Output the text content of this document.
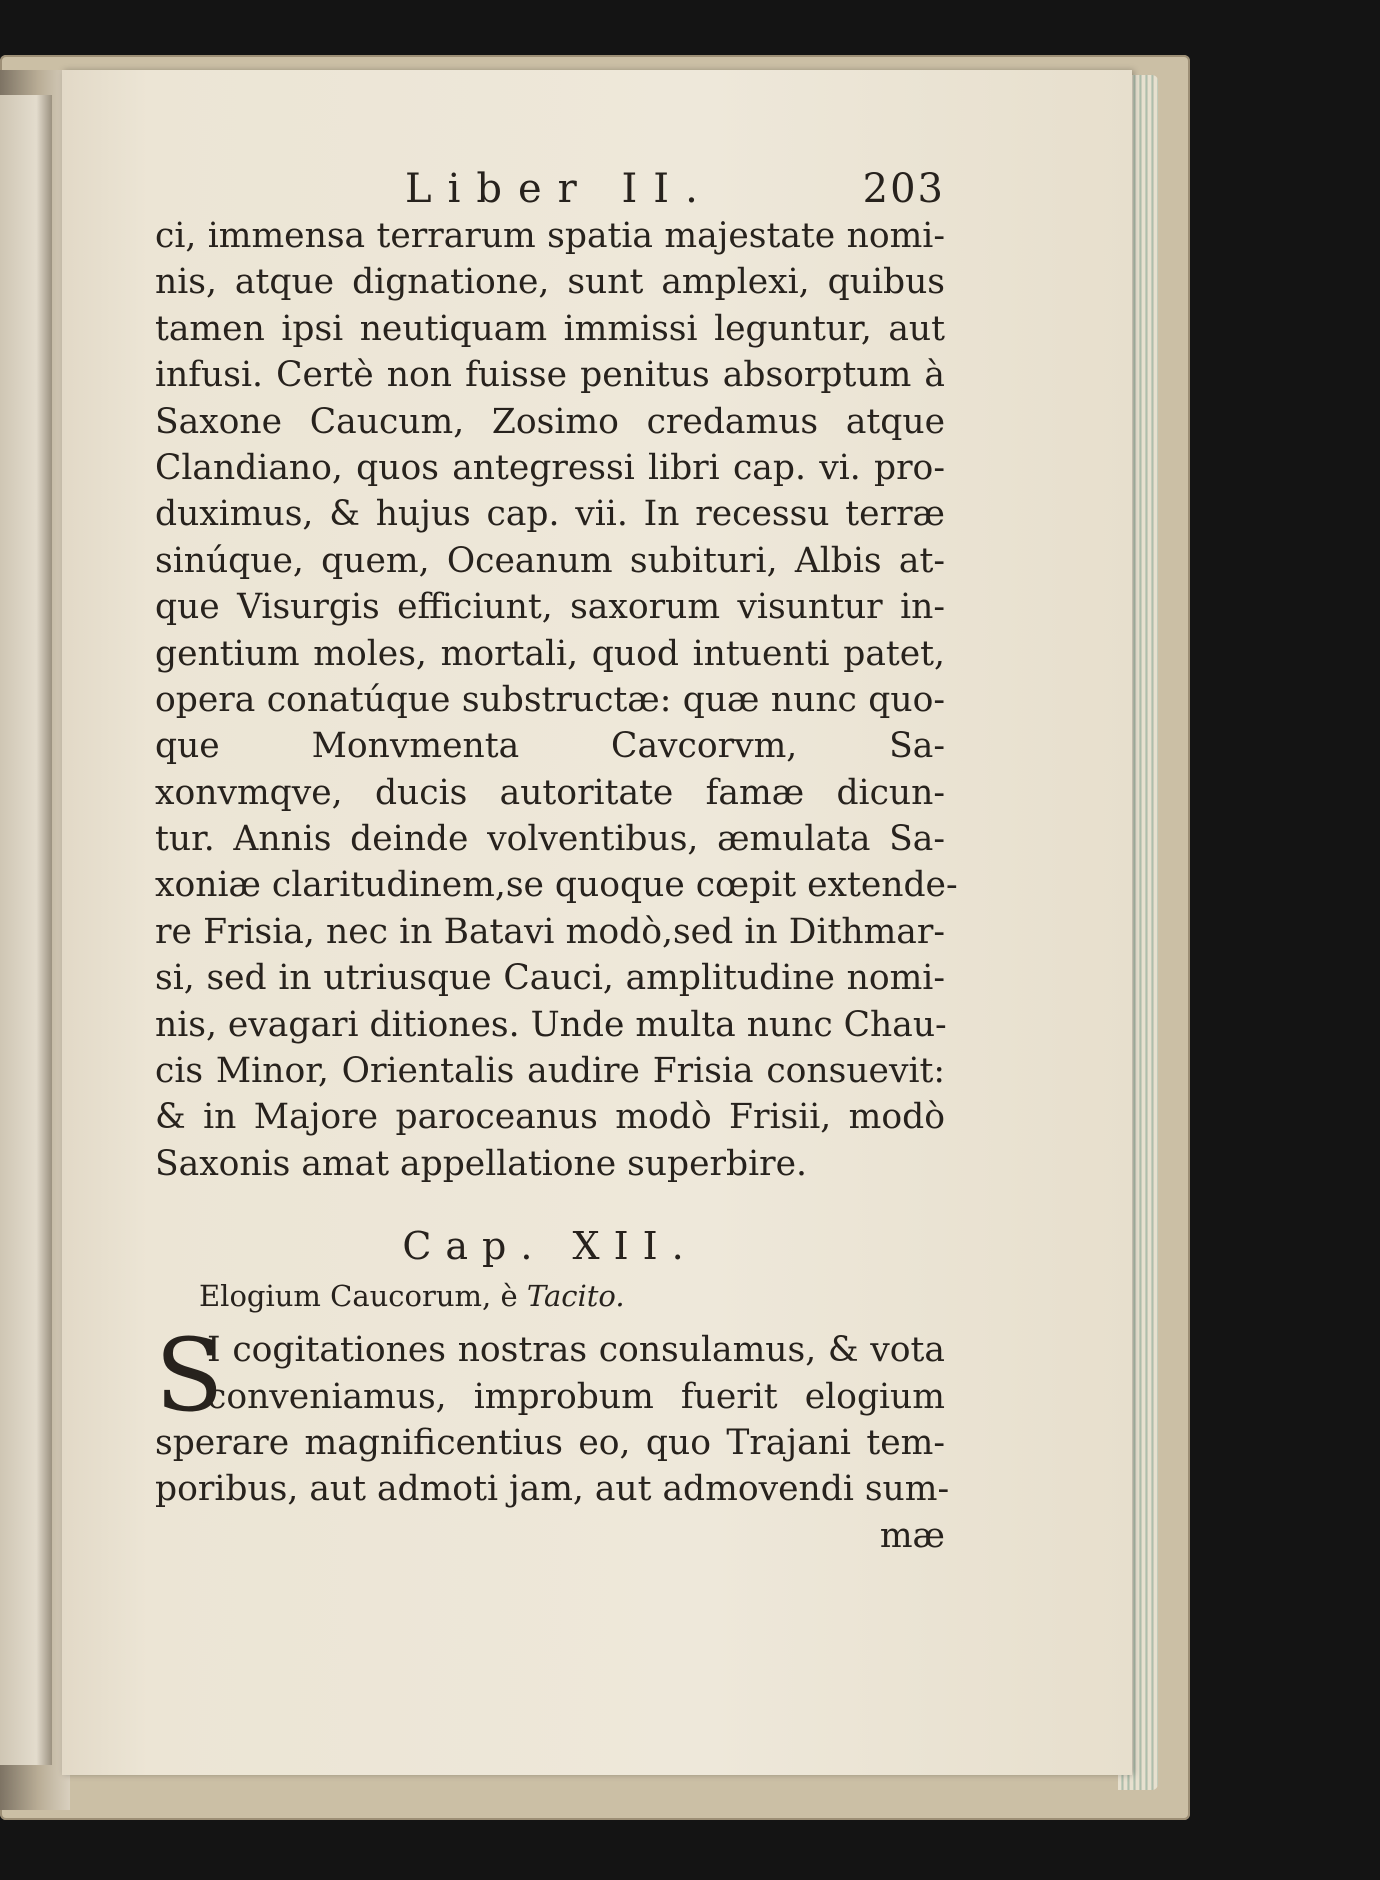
Liber II.	203
ci, immensa terrarum spatia majestate nomi-
nis, atque dignatione, sunt amplexi, quibus
tamen ipsi neutiquam immissi leguntur, aut
infusi. Certè non fuisse penitus absorptum à
Saxone Caucum, Zosimo credamus atque
Clandiano, quos antegressi libri cap. vi. pro-
duximus, & hujus cap. vii. In recessu terræ
sinúque, quem, Oceanum subituri, Albis at-
que Visurgis efficiunt, saxorum visuntur in-
gentium moles, mortali, quod intuenti patet,
opera conatúque substructæ: quæ nunc quo-
que Monvmenta Cavcorvm, Sa-
xonvmqve, ducis autoritate famæ dicun-
tur. Annis deinde volventibus, æmulata Sa-
xoniæ claritudinem,se quoque cœpit extende-
re Frisia, nec in Batavi modò,sed in Dithmar-
si, sed in utriusque Cauci, amplitudine nomi-
nis, evagari ditiones. Unde multa nunc Chau-
cis Minor, Orientalis audire Frisia consuevit:
& in Majore paroceanus modò Frisii, modò
Saxonis amat appellatione superbire.
Cap. XII.
Elogium Caucorum, è Tacito.
S
I cogitationes nostras consulamus, & vota
conveniamus, improbum fuerit elogium
sperare magnificentius eo, quo Trajani tem-
poribus, aut admoti jam, aut admovendi sum-
mæ
